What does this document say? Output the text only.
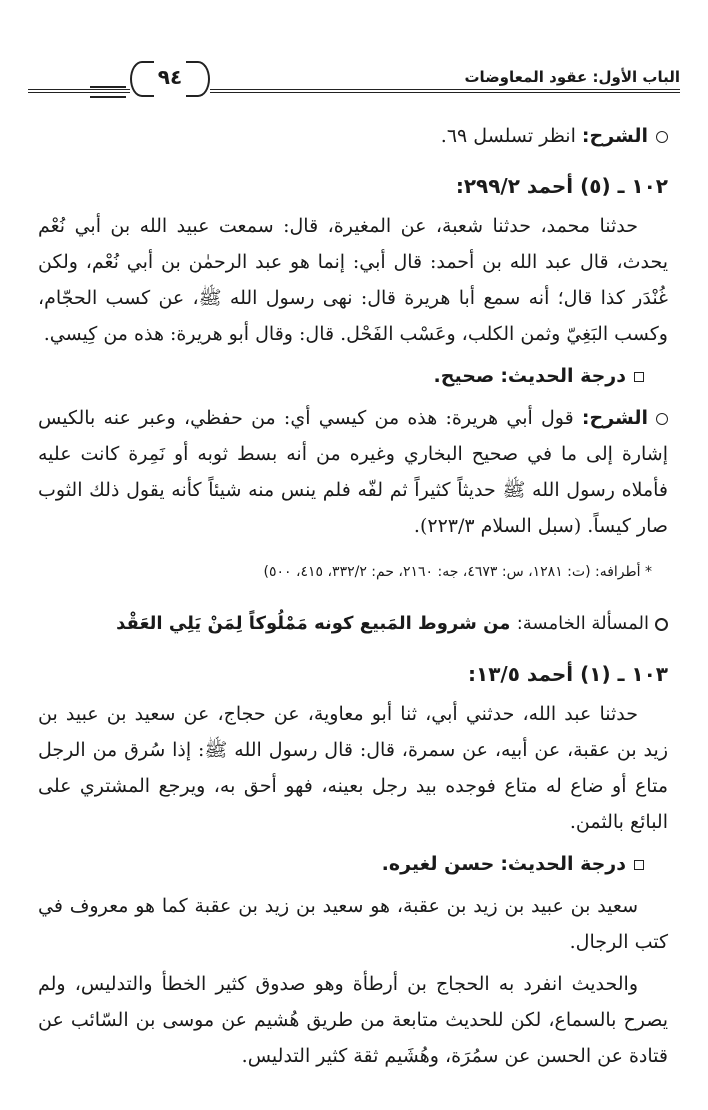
٩٤	الباب الأول: عقود المعاوضات

الشرح: انظر تسلسل ٦٩.

١٠٢ ـ (٥) أحمد ٢٩٩/٢:

حدثنا محمد، حدثنا شعبة، عن المغيرة، قال: سمعت عبيد الله بن أبي نُعْم يحدث، قال عبد الله بن أحمد: قال أبي: إنما هو عبد الرحمٰن بن أبي نُعْم، ولكن غُنْدَر كذا قال؛ أنه سمع أبا هريرة قال: نهى رسول الله ﷺ، عن كسب الحجّام، وكسب البَغِيّ وثمن الكلب، وعَسْب الفَحْل. قال: وقال أبو هريرة: هذه من كِيسي.

درجة الحديث: صحيح.

الشرح: قول أبي هريرة: هذه من كيسي أي: من حفظي، وعبر عنه بالكيس إشارة إلى ما في صحيح البخاري وغيره من أنه بسط ثوبه أو نَمِرة كانت عليه فأملاه رسول الله ﷺ حديثاً كثيراً ثم لفّه فلم ينس منه شيئاً كأنه يقول ذلك الثوب صار كيساً. (سبل السلام ٢٢٣/٣).

* أطرافه: (ت: ١٢٨١، س: ٤٦٧٣، جه: ٢١٦٠، حم: ٣٣٢/٢، ٤١٥، ٥٠٠)

المسألة الخامسة: من شروط المَبيع كونه مَمْلُوكاً لِمَنْ يَلِي العَقْد

١٠٣ ـ (١) أحمد ١٣/٥:

حدثنا عبد الله، حدثني أبي، ثنا أبو معاوية، عن حجاج، عن سعيد بن عبيد بن زيد بن عقبة، عن أبيه، عن سمرة، قال: قال رسول الله ﷺ: إذا سُرق من الرجل متاع أو ضاع له متاع فوجده بيد رجل بعينه، فهو أحق به، ويرجع المشتري على البائع بالثمن.

درجة الحديث: حسن لغيره.

سعيد بن عبيد بن زيد بن عقبة، هو سعيد بن زيد بن عقبة كما هو معروف في كتب الرجال.

والحديث انفرد به الحجاج بن أرطأة وهو صدوق كثير الخطأ والتدليس، ولم يصرح بالسماع، لكن للحديث متابعة من طريق هُشيم عن موسى بن السّائب عن قتادة عن الحسن عن سمُرَة، وهُشَيم ثقة كثير التدليس.
